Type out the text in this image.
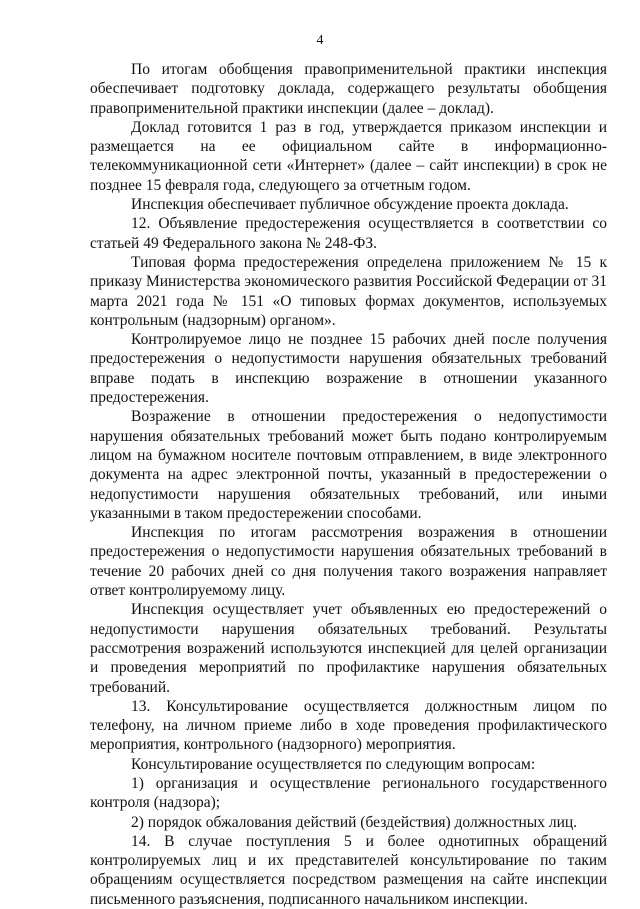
4

По итогам обобщения правоприменительной практики инспекция обеспечивает подготовку доклада, содержащего результаты обобщения правоприменительной практики инспекции (далее – доклад).

Доклад готовится 1 раз в год, утверждается приказом инспекции и размещается на ее официальном сайте в информационно-телекоммуникационной сети «Интернет» (далее – сайт инспекции) в срок не позднее 15 февраля года, следующего за отчетным годом.

Инспекция обеспечивает публичное обсуждение проекта доклада.

12. Объявление предостережения осуществляется в соответствии со статьей 49 Федерального закона № 248-ФЗ.

Типовая форма предостережения определена приложением № 15 к приказу Министерства экономического развития Российской Федерации от 31 марта 2021 года № 151 «О типовых формах документов, используемых контрольным (надзорным) органом».

Контролируемое лицо не позднее 15 рабочих дней после получения предостережения о недопустимости нарушения обязательных требований вправе подать в инспекцию возражение в отношении указанного предостережения.

Возражение в отношении предостережения о недопустимости нарушения обязательных требований может быть подано контролируемым лицом на бумажном носителе почтовым отправлением, в виде электронного документа на адрес электронной почты, указанный в предостережении о недопустимости нарушения обязательных требований, или иными указанными в таком предостережении способами.

Инспекция по итогам рассмотрения возражения в отношении предостережения о недопустимости нарушения обязательных требований в течение 20 рабочих дней со дня получения такого возражения направляет ответ контролируемому лицу.

Инспекция осуществляет учет объявленных ею предостережений о недопустимости нарушения обязательных требований. Результаты рассмотрения возражений используются инспекцией для целей организации и проведения мероприятий по профилактике нарушения обязательных требований.

13. Консультирование осуществляется должностным лицом по телефону, на личном приеме либо в ходе проведения профилактического мероприятия, контрольного (надзорного) мероприятия.

Консультирование осуществляется по следующим вопросам:

1) организация и осуществление регионального государственного контроля (надзора);

2) порядок обжалования действий (бездействия) должностных лиц.

14. В случае поступления 5 и более однотипных обращений контролируемых лиц и их представителей консультирование по таким обращениям осуществляется посредством размещения на сайте инспекции письменного разъяснения, подписанного начальником инспекции.
